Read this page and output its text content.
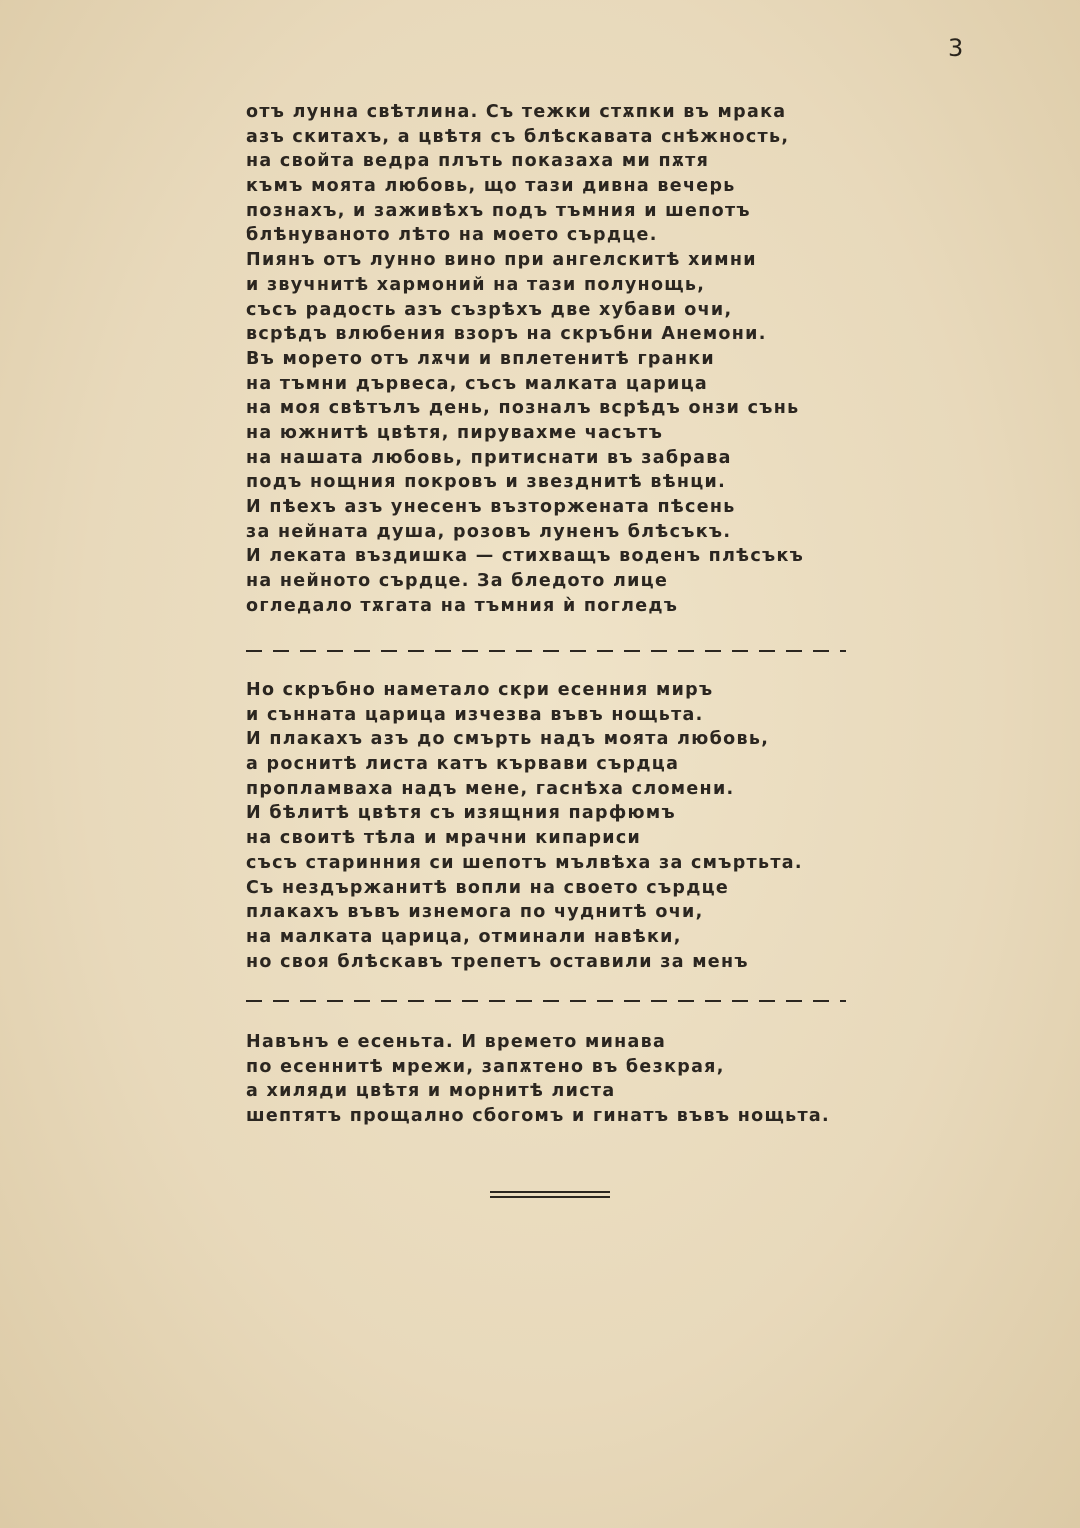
3
отъ лунна свѣтлина. Съ тежки стѫпки въ мрака
азъ скитахъ, а цвѣтя съ блѣскавата снѣжность,
на свойта ведра плъть показаха ми пѫтя
къмъ моята любовь, що тази дивна вечерь
познахъ, и заживѣхъ подъ тъмния и шепотъ
блѣнуваното лѣто на моето сърдце.
Пиянъ отъ лунно вино при ангелскитѣ химни
и звучнитѣ хармоний на тази полунощь,
съсъ радость азъ съзрѣхъ две хубави очи,
всрѣдъ влюбения взоръ на скръбни Анемони.
Въ морето отъ лѫчи и вплетенитѣ гранки
на тъмни дървеса, съсъ малката царица
на моя свѣтълъ день, позналъ всрѣдъ онзи сънь
на южнитѣ цвѣтя, пирувахме часътъ
на нашата любовь, притиснати въ забрава
подъ нощния покровъ и звезднитѣ вѣнци.
И пѣехъ азъ унесенъ възторжената пѣсень
за нейната душа, розовъ луненъ блѣсъкъ.
И леката въздишка — стихващъ воденъ плѣсъкъ
на нейното сърдце. За бледото лице
огледало тѫгата на тъмния ѝ погледъ
Но скръбно наметало скри есенния миръ
и сънната царица изчезва въвъ нощьта.
И плакахъ азъ до смърть надъ моята любовь,
а роснитѣ листа катъ кървави сърдца
пропламваха надъ мене, гаснѣха сломени.
И бѣлитѣ цвѣтя съ изящния парфюмъ
на своитѣ тѣла и мрачни кипариси
съсъ старинния си шепотъ мълвѣха за смъртьта.
Съ нездържанитѣ вопли на своето сърдце
плакахъ въвъ изнемога по чуднитѣ очи,
на малката царица, отминали навѣки,
но своя блѣскавъ трепетъ оставили за менъ
Навънъ е есеньта. И времето минава
по есеннитѣ мрежи, запѫтено въ безкрая,
а хиляди цвѣтя и морнитѣ листа
шептятъ прощално сбогомъ и гинатъ въвъ нощьта.
